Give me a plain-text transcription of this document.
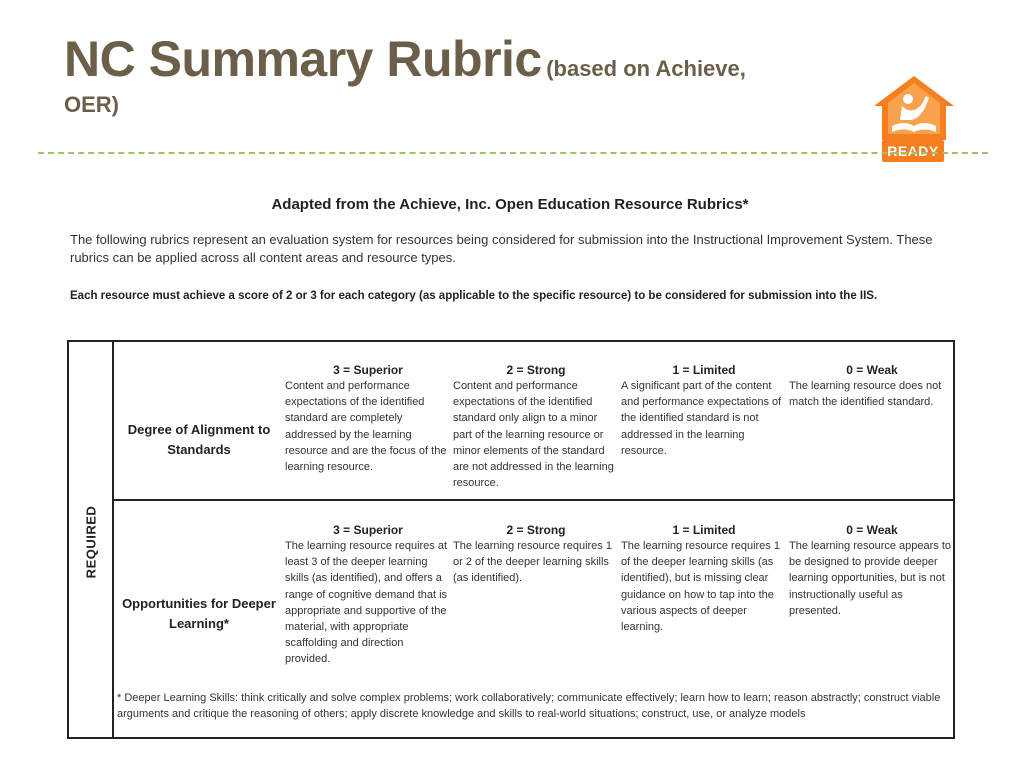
NC Summary Rubric (based on Achieve,
OER)
READY
Adapted from the Achieve, Inc. Open Education Resource Rubrics*
The following rubrics represent an evaluation system for resources being considered for submission into the Instructional Improvement System. These rubrics can be applied across all content areas and resource types.
Each resource must achieve a score of 2 or 3 for each category (as applicable to the specific resource) to be considered for submission into the IIS.
REQUIRED
Degree of Alignment to Standards
3 = Superior
Content and performance expectations of the identified standard are completely addressed by the learning resource and are the focus of the learning resource.
2 = Strong
Content and performance expectations of the identified standard only align to a minor part of the learning resource or minor elements of the standard are not addressed in the learning resource.
1 = Limited
A significant part of the content and performance expectations of the identified standard is not addressed in the learning resource.
0 = Weak
The learning resource does not match the identified standard.
Opportunities for Deeper Learning*
3 = Superior
The learning resource requires at least 3 of the deeper learning skills (as identified), and offers a range of cognitive demand that is appropriate and supportive of the material, with appropriate scaffolding and direction provided.
2 = Strong
The learning resource requires 1 or 2 of the deeper learning skills (as identified).
1 = Limited
The learning resource requires 1 of the deeper learning skills (as identified), but is missing clear guidance on how to tap into the various aspects of deeper learning.
0 = Weak
The learning resource appears to be designed to provide deeper learning opportunities, but is not instructionally useful as presented.
* Deeper Learning Skills: think critically and solve complex problems; work collaboratively; communicate effectively; learn how to learn; reason abstractly; construct viable arguments and critique the reasoning of others; apply discrete knowledge and skills to real-world situations; construct, use, or analyze models
